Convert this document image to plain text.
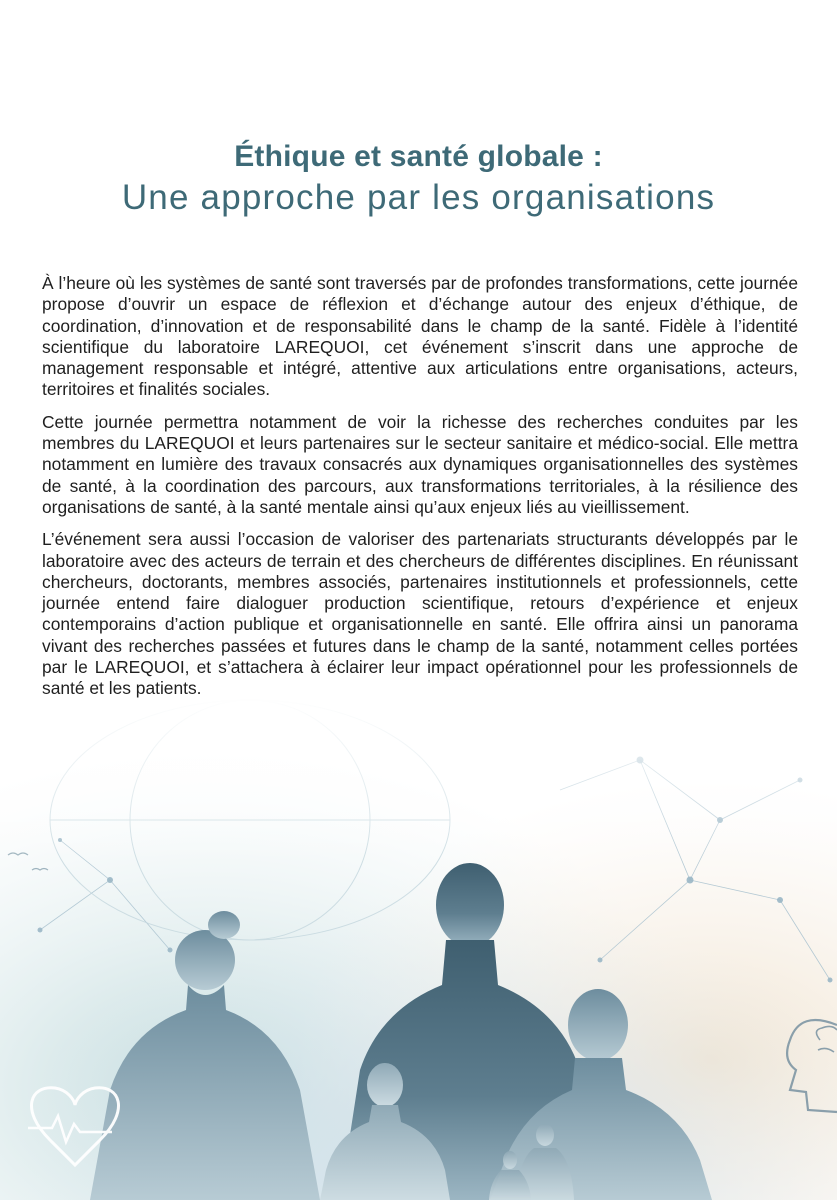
Éthique et santé globale :
Une approche par les organisations

À l’heure où les systèmes de santé sont traversés par de profondes transformations, cette journée propose d’ouvrir un espace de réflexion et d’échange autour des enjeux d’éthique, de coordination, d’innovation et de responsabilité dans le champ de la santé. Fidèle à l’identité scientifique du laboratoire LAREQUOI, cet événement s’inscrit dans une approche de management responsable et intégré, attentive aux articulations entre organisations, acteurs, territoires et finalités sociales.

Cette journée permettra notamment de voir la richesse des recherches conduites par les membres du LAREQUOI et leurs partenaires sur le secteur sanitaire et médico-social. Elle mettra notamment en lumière des travaux consacrés aux dynamiques organisationnelles des systèmes de santé, à la coordination des parcours, aux transformations territoriales, à la résilience des organisations de santé, à la santé mentale ainsi qu’aux enjeux liés au vieillissement.

L’événement sera aussi l’occasion de valoriser des partenariats structurants développés par le laboratoire avec des acteurs de terrain et des chercheurs de différentes disciplines. En réunissant chercheurs, doctorants, membres associés, partenaires institutionnels et professionnels, cette journée entend faire dialoguer production scientifique, retours d’expérience et enjeux contemporains d’action publique et organisationnelle en santé. Elle offrira ainsi un panorama vivant des recherches passées et futures dans le champ de la santé, notamment celles portées par le LAREQUOI, et s’attachera à éclairer leur impact opérationnel pour les professionnels de santé et les patients.
